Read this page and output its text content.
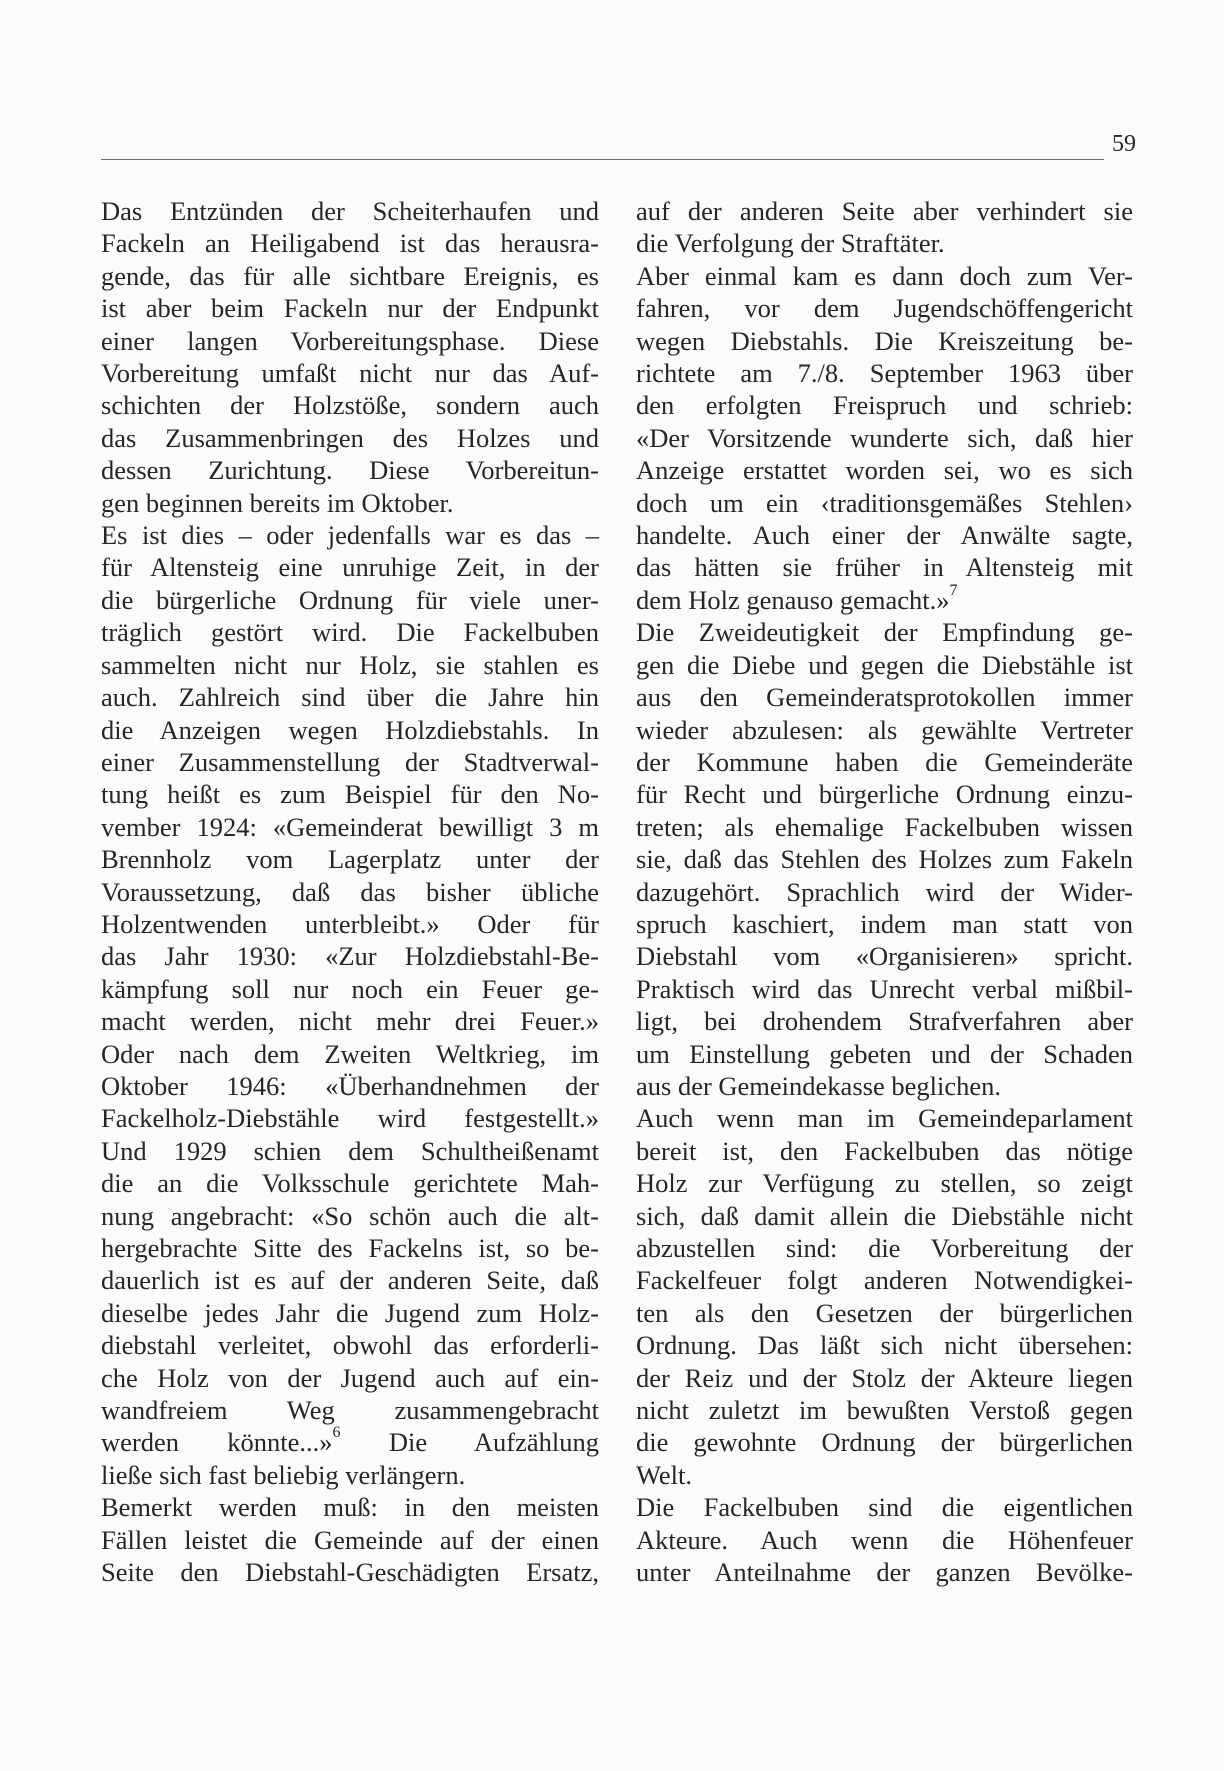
59

Das Entzünden der Scheiterhaufen und
Fackeln an Heiligabend ist das herausra-
gende, das für alle sichtbare Ereignis, es
ist aber beim Fackeln nur der Endpunkt
einer langen Vorbereitungsphase. Diese
Vorbereitung umfaßt nicht nur das Auf-
schichten der Holzstöße, sondern auch
das Zusammenbringen des Holzes und
dessen Zurichtung. Diese Vorbereitun-
gen beginnen bereits im Oktober.

Es ist dies – oder jedenfalls war es das –
für Altensteig eine unruhige Zeit, in der
die bürgerliche Ordnung für viele uner-
träglich gestört wird. Die Fackelbuben
sammelten nicht nur Holz, sie stahlen es
auch. Zahlreich sind über die Jahre hin
die Anzeigen wegen Holzdiebstahls. In
einer Zusammenstellung der Stadtverwal-
tung heißt es zum Beispiel für den No-
vember 1924: «Gemeinderat bewilligt 3 m
Brennholz vom Lagerplatz unter der
Voraussetzung, daß das bisher übliche
Holzentwenden unterbleibt.» Oder für
das Jahr 1930: «Zur Holzdiebstahl-Be-
kämpfung soll nur noch ein Feuer ge-
macht werden, nicht mehr drei Feuer.»
Oder nach dem Zweiten Weltkrieg, im
Oktober 1946: «Überhandnehmen der
Fackelholz-Diebstähle wird festgestellt.»
Und 1929 schien dem Schultheißenamt
die an die Volksschule gerichtete Mah-
nung angebracht: «So schön auch die alt-
hergebrachte Sitte des Fackelns ist, so be-
dauerlich ist es auf der anderen Seite, daß
dieselbe jedes Jahr die Jugend zum Holz-
diebstahl verleitet, obwohl das erforderli-
che Holz von der Jugend auch auf ein-
wandfreiem Weg zusammengebracht
werden könnte...»$^6$ Die Aufzählung
ließe sich fast beliebig verlängern.

Bemerkt werden muß: in den meisten
Fällen leistet die Gemeinde auf der einen
Seite den Diebstahl-Geschädigten Ersatz,

auf der anderen Seite aber verhindert sie
die Verfolgung der Straftäter.

Aber einmal kam es dann doch zum Ver-
fahren, vor dem Jugendschöffengericht
wegen Diebstahls. Die Kreiszeitung be-
richtete am 7./8. September 1963 über
den erfolgten Freispruch und schrieb:
«Der Vorsitzende wunderte sich, daß hier
Anzeige erstattet worden sei, wo es sich
doch um ein ‹traditionsgemäßes Stehlen›
handelte. Auch einer der Anwälte sagte,
das hätten sie früher in Altensteig mit
dem Holz genauso gemacht.»$^7$

Die Zweideutigkeit der Empfindung ge-
gen die Diebe und gegen die Diebstähle ist
aus den Gemeinderatsprotokollen immer
wieder abzulesen: als gewählte Vertreter
der Kommune haben die Gemeinderäte
für Recht und bürgerliche Ordnung einzu-
treten; als ehemalige Fackelbuben wissen
sie, daß das Stehlen des Holzes zum Fakeln
dazugehört. Sprachlich wird der Wider-
spruch kaschiert, indem man statt von
Diebstahl vom «Organisieren» spricht.
Praktisch wird das Unrecht verbal mißbil-
ligt, bei drohendem Strafverfahren aber
um Einstellung gebeten und der Schaden
aus der Gemeindekasse beglichen.

Auch wenn man im Gemeindeparlament
bereit ist, den Fackelbuben das nötige
Holz zur Verfügung zu stellen, so zeigt
sich, daß damit allein die Diebstähle nicht
abzustellen sind: die Vorbereitung der
Fackelfeuer folgt anderen Notwendigkei-
ten als den Gesetzen der bürgerlichen
Ordnung. Das läßt sich nicht übersehen:
der Reiz und der Stolz der Akteure liegen
nicht zuletzt im bewußten Verstoß gegen
die gewohnte Ordnung der bürgerlichen
Welt.

Die Fackelbuben sind die eigentlichen
Akteure. Auch wenn die Höhenfeuer
unter Anteilnahme der ganzen Bevölke-
